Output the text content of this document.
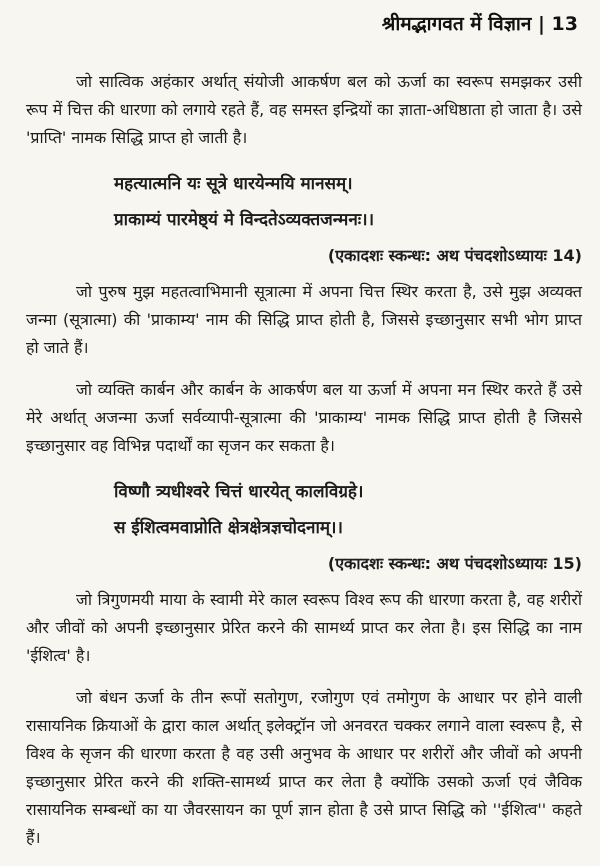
श्रीमद्भागवत में विज्ञान | 13

जो सात्विक अहंकार अर्थात् संयोजी आकर्षण बल को ऊर्जा का स्वरूप समझकर उसी रूप में चित्त की धारणा को लगाये रहते हैं, वह समस्त इन्द्रियों का ज्ञाता-अधिष्ठाता हो जाता है। उसे 'प्राप्ति' नामक सिद्धि प्राप्त हो जाती है।

महत्यात्मनि यः सूत्रे धारयेन्मयि मानसम्।
प्राकाम्यं पारमेष्ठ्यं मे विन्दतेऽव्यक्तजन्मनः।।
(एकादशः स्कन्धः: अथ पंचदशोऽध्यायः 14)

जो पुरुष मुझ महतत्वाभिमानी सूत्रात्मा में अपना चित्त स्थिर करता है, उसे मुझ अव्यक्त जन्मा (सूत्रात्मा) की 'प्राकाम्य' नाम की सिद्धि प्राप्त होती है, जिससे इच्छानुसार सभी भोग प्राप्त हो जाते हैं।

जो व्यक्ति कार्बन और कार्बन के आकर्षण बल या ऊर्जा में अपना मन स्थिर करते हैं उसे मेरे अर्थात् अजन्मा ऊर्जा सर्वव्यापी-सूत्रात्मा की 'प्राकाम्य' नामक सिद्धि प्राप्त होती है जिससे इच्छानुसार वह विभिन्न पदार्थों का सृजन कर सकता है।

विष्णौ त्र्यधीश्वरे चित्तं धारयेत् कालविग्रहे।
स ईशित्वमवाप्नोति क्षेत्रक्षेत्रज्ञचोदनाम्।।
(एकादशः स्कन्धः: अथ पंचदशोऽध्यायः 15)

जो त्रिगुणमयी माया के स्वामी मेरे काल स्वरूप विश्व रूप की धारणा करता है, वह शरीरों और जीवों को अपनी इच्छानुसार प्रेरित करने की सामर्थ्य प्राप्त कर लेता है। इस सिद्धि का नाम 'ईशित्व' है।

जो बंधन ऊर्जा के तीन रूपों सतोगुण, रजोगुण एवं तमोगुण के आधार पर होने वाली रासायनिक क्रियाओं के द्वारा काल अर्थात् इलेक्ट्रॉन जो अनवरत चक्कर लगाने वाला स्वरूप है, से विश्व के सृजन की धारणा करता है वह उसी अनुभव के आधार पर शरीरों और जीवों को अपनी इच्छानुसार प्रेरित करने की शक्ति-सामर्थ्य प्राप्त कर लेता है क्योंकि उसको ऊर्जा एवं जैविक रासायनिक सम्बन्धों का या जैवरसायन का पूर्ण ज्ञान होता है उसे प्राप्त सिद्धि को ''ईशित्व'' कहते हैं।
